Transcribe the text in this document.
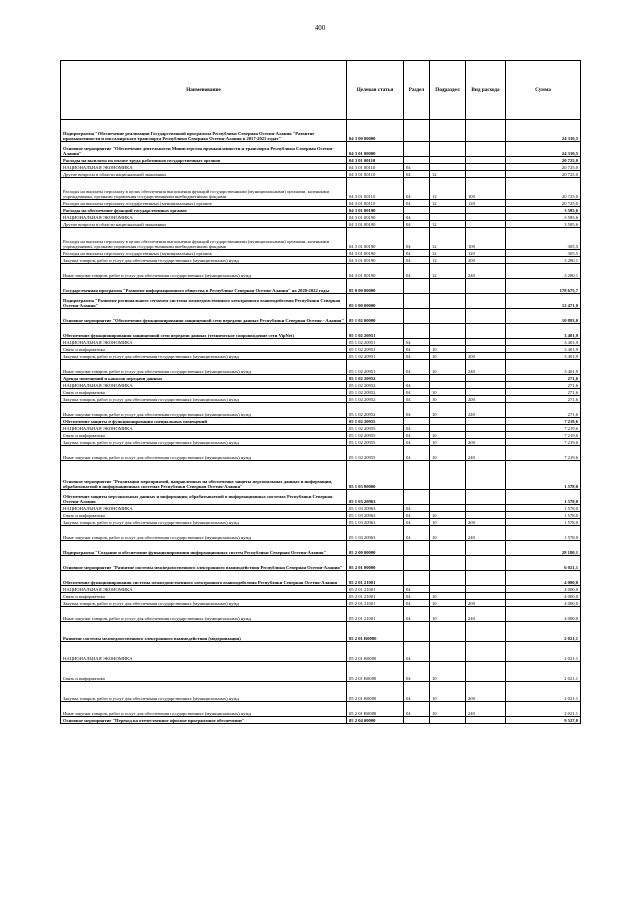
400
Наименование	Целевая статья	Раздел	Подраздел	Вид расхода	Сумма
Подпрограмма "Обеспечение реализации Государственной программы Республики Северная Осетия-Алания "Развитие промышленности и пассажирского транспорта Республики Северная Осетия-Алания в 2017-2021 годах"	04 3 00 00000				24 310,5
Основное мероприятие "Обеспечение деятельности Министерства промышленности и транспорта Республики Северная Осетия-Алания"	04 3 01 00000				24 310,5
Расходы на выплаты по оплате труда работников государственных органов	04 3 01 00110				20 725,0
НАЦИОНАЛЬНАЯ ЭКОНОМИКА	04 3 01 00110	04			20 725,0
Другие вопросы в области национальной экономики	04 3 01 00110	04	12		20 725,0
Расходы на выплаты персоналу в целях обеспечения выполнения функций государственными (муниципальными) органами, казенными учреждениями, органами управления государственными внебюджетными фондами	04 3 01 00110	04	12	100	20 725,0
Расходы на выплаты персоналу государственных (муниципальных) органов	04 3 01 00110	04	12	120	20 725,0
Расходы на обеспечение функций государственных органов	04 3 01 00190				3 585,6
НАЦИОНАЛЬНАЯ ЭКОНОМИКА	04 3 01 00190	04			3 585,6
Другие вопросы в области национальной экономики	04 3 01 00190	04	12		3 585,6
Расходы на выплаты персоналу в целях обеспечения выполнения функций государственными (муниципальными) органами, казенными учреждениями, органами управления государственными внебюджетными фондами	04 3 01 00190	04	12	100	305,5
Расходы на выплаты персоналу государственных (муниципальных) органов	04 3 01 00190	04	12	120	305,5
Закупка товаров, работ и услуг для обеспечения государственных (муниципальных) нужд	04 3 01 00190	04	12	200	3 280,1
Иные закупки товаров, работ и услуг для обеспечения государственных (муниципальных) нужд	04 3 01 00190	04	12	240	3 280,1
Государственная программа "Развитие информационного общества в Республике Северная Осетия-Алания" на 2020-2022 годы	05 0 00 00000				178 675,7
Подпрограмма "Развитие регионального сегмента системы межведомственного электронного взаимодействия Республики Северная Осетия-Алания"	05 1 00 00000				12 471,0
Основное мероприятие "Обеспечение функционирования защищенной сети передачи данных Республики Северная Осетия - Алания"	05 1 02 00000				10 893,0
Обеспечение функционирования защищенной сети передачи данных (техническое сопровождение сети VipNet)	05 1 02 20951				3 401,9
НАЦИОНАЛЬНАЯ ЭКОНОМИКА	05 1 02 20951	04			3 401,9
Связь и информатика	05 1 02 20951	04	10		3 401,9
Закупка товаров, работ и услуг для обеспечения государственных (муниципальных) нужд	05 1 02 20951	04	10	200	3 401,9
Иные закупки товаров, работ и услуг для обеспечения государственных (муниципальных) нужд	05 1 02 20951	04	10	240	3 401,9
Аренда помещений и каналов передачи данных	05 1 02 20952				271,6
НАЦИОНАЛЬНАЯ ЭКОНОМИКА	05 1 02 20952	04			271,6
Связь и информатика	05 1 02 20952	04	10		271,6
Закупка товаров, работ и услуг для обеспечения государственных (муниципальных) нужд	05 1 02 20952	04	10	200	271,6
Иные закупки товаров, работ и услуг для обеспечения государственных (муниципальных) нужд	05 1 02 20952	04	10	240	271,6
Обеспечение защиты и функционирования специальных помещений	05 1 02 20955				7 219,6
НАЦИОНАЛЬНАЯ ЭКОНОМИКА	05 1 02 20955	04			7 219,6
Связь и информатика	05 1 02 20955	04	10		7 219,6
Закупка товаров, работ и услуг для обеспечения государственных (муниципальных) нужд	05 1 02 20955	04	10	200	7 219,6
Иные закупки товаров, работ и услуг для обеспечения государственных (муниципальных) нужд	05 1 02 20955	04	10	240	7 219,6
Основное мероприятие "Реализация мероприятий, направленных на обеспечение защиты персональных данных и информации, обрабатываемой в информационных системах Республики Северная Осетия-Алания"	05 1 03 00000				1 578,0
Обеспечение защиты персональных данных и информации, обрабатываемой в информационных системах Республики Северная Осетия-Алания	05 1 03 20963				1 578,0
НАЦИОНАЛЬНАЯ ЭКОНОМИКА	05 1 03 20963	04			1 578,0
Связь и информатика	05 1 03 20963	04	10		1 578,0
Закупка товаров, работ и услуг для обеспечения государственных (муниципальных) нужд	05 1 03 20963	04	10	200	1 578,0
Иные закупки товаров, работ и услуг для обеспечения государственных (муниципальных) нужд	05 1 03 20963	04	10	240	1 578,0
Подпрограмма "Создание и обеспечение функционирования информационных систем Республики Северная Осетия-Алания"	05 2 00 00000				28 180,1
Основное мероприятие "Развитие системы межведомственного электронного взаимодействия Республики Северная Осетия-Алания"	05 2 01 00000				6 021,1
Обеспечение функционирования системы межведомственного электронного взаимодействия Республики Северная Осетия-Алания	05 2 01 21001				4 000,0
НАЦИОНАЛЬНАЯ ЭКОНОМИКА	05 2 01 21001	04			4 000,0
Связь и информатика	05 2 01 21001	04	10		4 000,0
Закупка товаров, работ и услуг для обеспечения государственных (муниципальных) нужд	05 2 01 21001	04	10	200	4 000,0
Иные закупки товаров, работ и услуг для обеспечения государственных (муниципальных) нужд	05 2 01 21001	04	10	240	4 000,0
Развитие системы межведомственного электронного взаимодействия (модернизация)	05 2 01 R0080				2 021,1
НАЦИОНАЛЬНАЯ ЭКОНОМИКА	05 2 01 R0080	04			2 021,1
Связь и информатика	05 2 01 R0080	04	10		2 021,1
Закупка товаров, работ и услуг для обеспечения государственных (муниципальных) нужд	05 2 01 R0080	04	10	200	2 021,1
Иные закупки товаров, работ и услуг для обеспечения государственных (муниципальных) нужд	05 2 01 R0080	04	10	240	2 021,1
Основное мероприятие "Переход на отечественное офисное программное обеспечение"	05 2 04 00000				9 527,0
